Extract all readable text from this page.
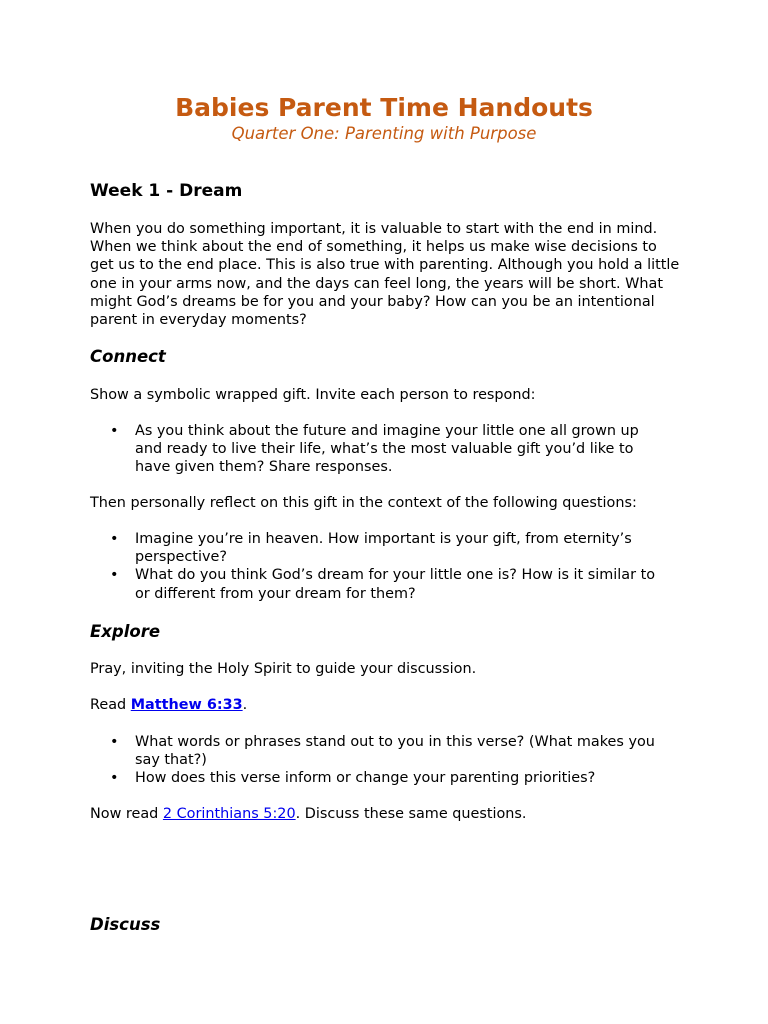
Babies Parent Time Handouts

Quarter One: Parenting with Purpose

Week 1 - Dream

When you do something important, it is valuable to start with the end in mind. When we think about the end of something, it helps us make wise decisions to get us to the end place. This is also true with parenting. Although you hold a little one in your arms now, and the days can feel long, the years will be short. What might God’s dreams be for you and your baby? How can you be an intentional parent in everyday moments?

Connect

Show a symbolic wrapped gift. Invite each person to respond:

• As you think about the future and imagine your little one all grown up and ready to live their life, what’s the most valuable gift you’d like to have given them? Share responses.

Then personally reflect on this gift in the context of the following questions:

• Imagine you’re in heaven. How important is your gift, from eternity’s perspective?
• What do you think God’s dream for your little one is? How is it similar to or different from your dream for them?
Explore

Pray, inviting the Holy Spirit to guide your discussion.

Read Matthew 6:33.

• What words or phrases stand out to you in this verse? (What makes you say that?)
• How does this verse inform or change your parenting priorities?

Now read 2 Corinthians 5:20. Discuss these same questions.

Discuss
